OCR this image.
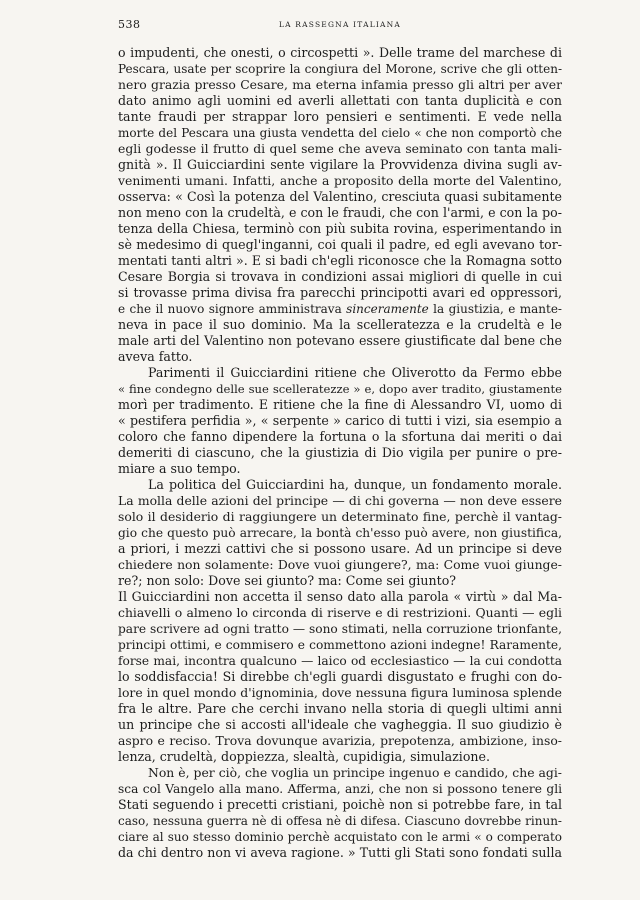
538	LA RASSEGNA ITALIANA
o impudenti, che onesti, o circospetti ». Delle trame del marchese di
Pescara, usate per scoprire la congiura del Morone, scrive che gli otten-
nero grazia presso Cesare, ma eterna infamia presso gli altri per aver
dato animo agli uomini ed averli allettati con tanta duplicità e con
tante fraudi per strappar loro pensieri e sentimenti. E vede nella
morte del Pescara una giusta vendetta del cielo « che non comportò che
egli godesse il frutto di quel seme che aveva seminato con tanta mali-
gnità ». Il Guicciardini sente vigilare la Provvidenza divina sugli av-
venimenti umani. Infatti, anche a proposito della morte del Valentino,
osserva: « Così la potenza del Valentino, cresciuta quasi subitamente
non meno con la crudeltà, e con le fraudi, che con l'armi, e con la po-
tenza della Chiesa, terminò con più subita rovina, esperimentando in
sè medesimo di quegl'inganni, coi quali il padre, ed egli avevano tor-
mentati tanti altri ». E si badi ch'egli riconosce che la Romagna sotto
Cesare Borgia si trovava in condizioni assai migliori di quelle in cui
si trovasse prima divisa fra parecchi principotti avari ed oppressori,
e che il nuovo signore amministrava sinceramente la giustizia, e mante-
neva in pace il suo dominio. Ma la scelleratezza e la crudeltà e le
male arti del Valentino non potevano essere giustificate dal bene che
aveva fatto.
Parimenti il Guicciardini ritiene che Oliverotto da Fermo ebbe
« fine condegno delle sue scelleratezze » e, dopo aver tradito, giustamente
morì per tradimento. E ritiene che la fine di Alessandro VI, uomo di
« pestifera perfidia », « serpente » carico di tutti i vizi, sia esempio a
coloro che fanno dipendere la fortuna o la sfortuna dai meriti o dai
demeriti di ciascuno, che la giustizia di Dio vigila per punire o pre-
miare a suo tempo.
La politica del Guicciardini ha, dunque, un fondamento morale.
La molla delle azioni del principe — di chi governa — non deve essere
solo il desiderio di raggiungere un determinato fine, perchè il vantag-
gio che questo può arrecare, la bontà ch'esso può avere, non giustifica,
a priori, i mezzi cattivi che si possono usare. Ad un principe si deve
chiedere non solamente: Dove vuoi giungere?, ma: Come vuoi giunge-
re?; non solo: Dove sei giunto? ma: Come sei giunto?
Il Guicciardini non accetta il senso dato alla parola « virtù » dal Ma-
chiavelli o almeno lo circonda di riserve e di restrizioni. Quanti — egli
pare scrivere ad ogni tratto — sono stimati, nella corruzione trionfante,
principi ottimi, e commisero e commettono azioni indegne! Raramente,
forse mai, incontra qualcuno — laico od ecclesiastico — la cui condotta
lo soddisfaccia! Si direbbe ch'egli guardi disgustato e frughi con do-
lore in quel mondo d'ignominia, dove nessuna figura luminosa splende
fra le altre. Pare che cerchi invano nella storia di quegli ultimi anni
un principe che si accosti all'ideale che vagheggia. Il suo giudizio è
aspro e reciso. Trova dovunque avarizia, prepotenza, ambizione, inso-
lenza, crudeltà, doppiezza, slealtà, cupidigia, simulazione.
Non è, per ciò, che voglia un principe ingenuo e candido, che agi-
sca col Vangelo alla mano. Afferma, anzi, che non si possono tenere gli
Stati seguendo i precetti cristiani, poichè non si potrebbe fare, in tal
caso, nessuna guerra nè di offesa nè di difesa. Ciascuno dovrebbe rinun-
ciare al suo stesso dominio perchè acquistato con le armi « o comperato
da chi dentro non vi aveva ragione. » Tutti gli Stati sono fondati sulla
